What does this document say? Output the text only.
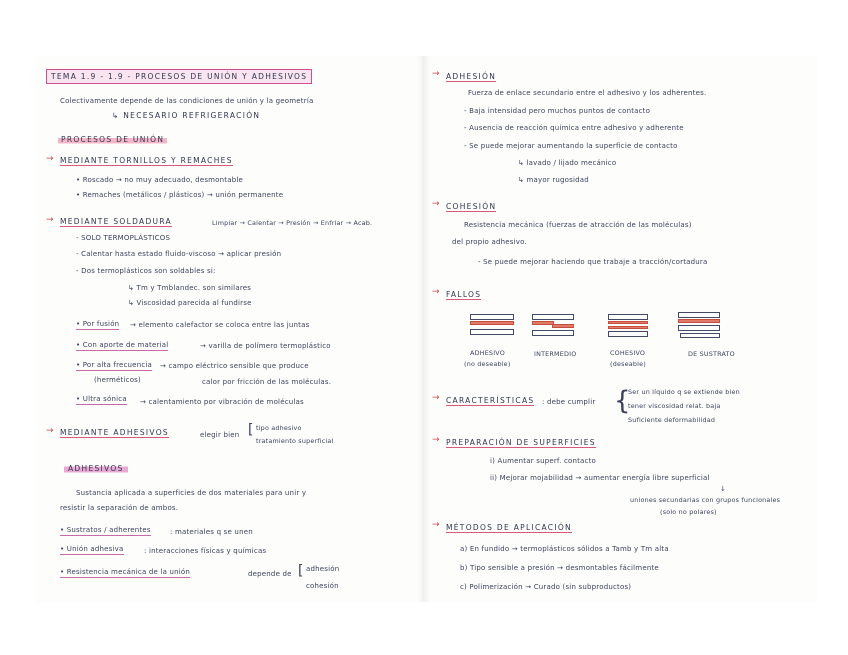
TEMA 1.9 - 1.9 - PROCESOS DE UNIÓN Y ADHESIVOS
Colectivamente depende de las condiciones de unión y la geometría
↳ NECESARIO REFRIGERACIÓN
PROCESOS DE UNIÓN
→ MEDIANTE TORNILLOS Y REMACHES
• Roscado → no muy adecuado, desmontable
• Remaches (metálicos / plásticos) → unión permanente
→ MEDIANTE SOLDADURA	Limpiar → Calentar → Presión → Enfriar → Acab.
- SOLO TERMOPLÁSTICOS
- Calentar hasta estado fluido-viscoso → aplicar presión
- Dos termoplásticos son soldables si:
↳ Tm y Tmblandec. son similares
↳ Viscosidad parecida al fundirse
• Por fusión → elemento calefactor se coloca entre las juntas
• Con aporte de material	→ varilla de polímero termoplástico
• Por alta frecuencia → campo eléctrico sensible que produce
(herméticos)	calor por fricción de las moléculas.
• Ultra sónica → calentamiento por vibración de moléculas
→ MEDIANTE ADHESIVOS	elegir bien [ tipo adhesivo
tratamiento superficial
ADHESIVOS
Sustancia aplicada a superficies de dos materiales para unir y
resistir la separación de ambos.
• Sustratos / adherentes	: materiales q se unen
• Unión adhesiva	: interacciones físicas y químicas
• Resistencia mecánica de la unión	depende de [ adhesión
cohesión
→ ADHESIÓN
Fuerza de enlace secundario entre el adhesivo y los adherentes.
- Baja intensidad pero muchos puntos de contacto
- Ausencia de reacción química entre adhesivo y adherente
- Se puede mejorar aumentando la superficie de contacto
↳ lavado / lijado mecánico
↳ mayor rugosidad
→ COHESIÓN
Resistencia mecánica (fuerzas de atracción de las moléculas)
del propio adhesivo.
- Se puede mejorar haciendo que trabaje a tracción/cortadura
→ FALLOS
ADHESIVO
(no deseable)
INTERMEDIO	COHESIVO
(deseable)
DE SUSTRATO
→ CARACTERÍSTICAS : debe cumplir {
Ser un líquido q se extiende bien
tener viscosidad relat. baja
Suficiente deformabilidad
→ PREPARACIÓN DE SUPERFICIES
i) Aumentar superf. contacto
ii) Mejorar mojabilidad → aumentar energía libre superficial
↓
uniones secundarias con grupos funcionales
(solo no polares)
→ MÉTODOS DE APLICACIÓN
a) En fundido → termoplásticos sólidos a Tamb y Tm alta
b) Tipo sensible a presión → desmontables fácilmente
c) Polimerización → Curado (sin subproductos)
